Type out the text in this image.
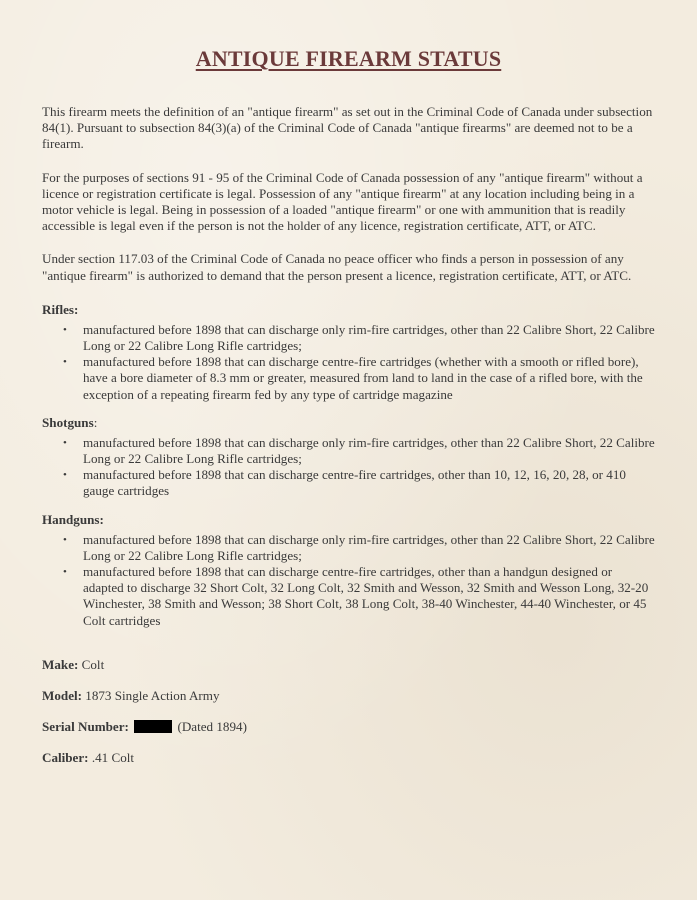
ANTIQUE FIREARM STATUS

This firearm meets the definition of an "antique firearm" as set out in the Criminal Code of Canada under subsection 84(1). Pursuant to subsection 84(3)(a) of the Criminal Code of Canada "antique firearms" are deemed not to be a firearm.

For the purposes of sections 91 - 95 of the Criminal Code of Canada possession of any "antique firearm" without a licence or registration certificate is legal. Possession of any "antique firearm" at any location including being in a motor vehicle is legal. Being in possession of a loaded "antique firearm" or one with ammunition that is readily accessible is legal even if the person is not the holder of any licence, registration certificate, ATT, or ATC.

Under section 117.03 of the Criminal Code of Canada no peace officer who finds a person in possession of any "antique firearm" is authorized to demand that the person present a licence, registration certificate, ATT, or ATC.

Rifles:
• manufactured before 1898 that can discharge only rim-fire cartridges, other than 22 Calibre Short, 22 Calibre Long or 22 Calibre Long Rifle cartridges;
• manufactured before 1898 that can discharge centre-fire cartridges (whether with a smooth or rifled bore), have a bore diameter of 8.3 mm or greater, measured from land to land in the case of a rifled bore, with the exception of a repeating firearm fed by any type of cartridge magazine
Shotguns:
• manufactured before 1898 that can discharge only rim-fire cartridges, other than 22 Calibre Short, 22 Calibre Long or 22 Calibre Long Rifle cartridges;
• manufactured before 1898 that can discharge centre-fire cartridges, other than 10, 12, 16, 20, 28, or 410 gauge cartridges
Handguns:
• manufactured before 1898 that can discharge only rim-fire cartridges, other than 22 Calibre Short, 22 Calibre Long or 22 Calibre Long Rifle cartridges;
• manufactured before 1898 that can discharge centre-fire cartridges, other than a handgun designed or adapted to discharge 32 Short Colt, 32 Long Colt, 32 Smith and Wesson, 32 Smith and Wesson Long, 32-20 Winchester, 38 Smith and Wesson; 38 Short Colt, 38 Long Colt, 38-40 Winchester, 44-40 Winchester, or 45 Colt cartridges
Make: Colt
Model: 1873 Single Action Army
Serial Number:	(Dated 1894)
Caliber: .41 Colt
